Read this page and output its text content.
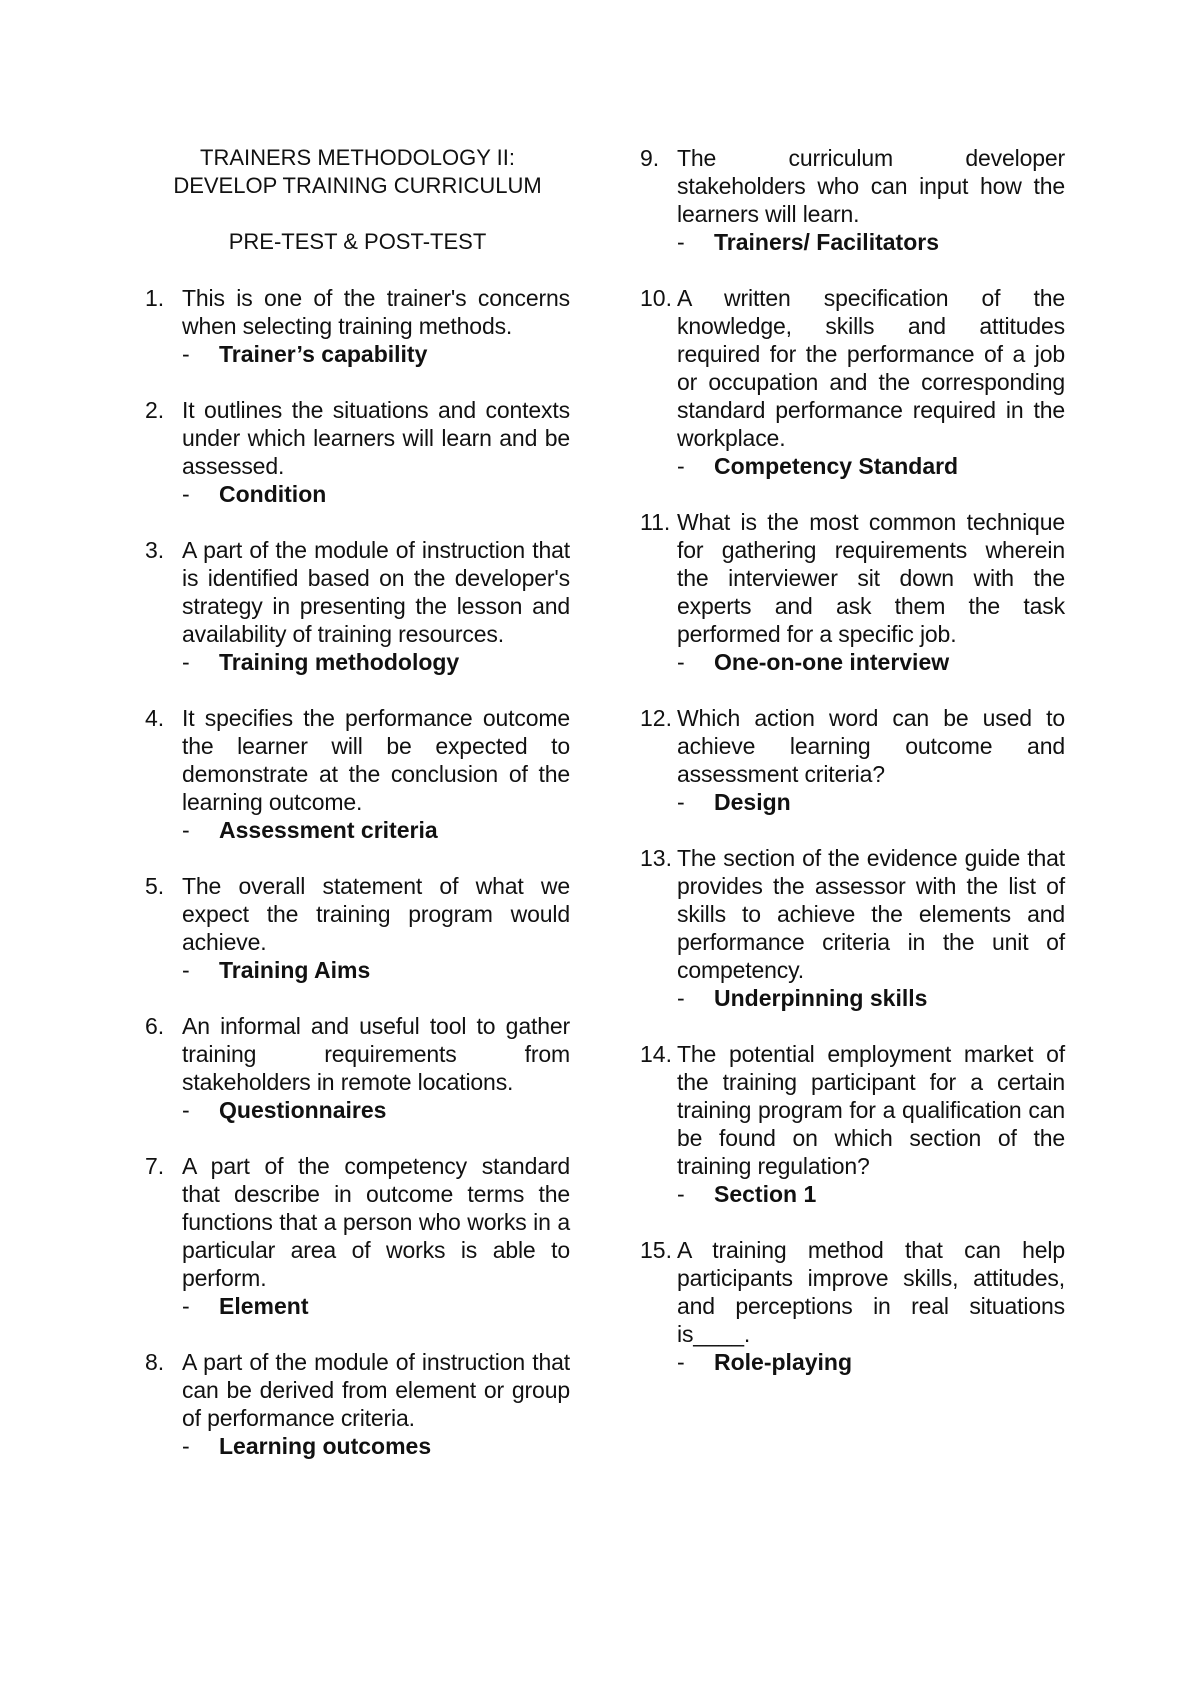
TRAINERS METHODOLOGY II:

DEVELOP TRAINING CURRICULUM

PRE-TEST & POST-TEST

1. This is one of the trainer's concerns when selecting training methods.
- Trainer’s capability
2. It outlines the situations and contexts under which learners will learn and be assessed.
- Condition
3. A part of the module of instruction that is identified based on the developer's strategy in presenting the lesson and availability of training resources.
- Training methodology
4. It specifies the performance outcome the learner will be expected to demonstrate at the conclusion of the learning outcome.
- Assessment criteria
5. The overall statement of what we expect the training program would achieve.
- Training Aims
6. An informal and useful tool to gather training requirements from stakeholders in remote locations.
- Questionnaires
7. A part of the competency standard that describe in outcome terms the functions that a person who works in a particular area of works is able to perform.
- Element
8. A part of the module of instruction that can be derived from element or group of performance criteria.
- Learning outcomes
9. The curriculum developer stakeholders who can input how the learners will learn.
- Trainers/ Facilitators
10. A written specification of the knowledge, skills and attitudes required for the performance of a job or occupation and the corresponding standard performance required in the workplace.
- Competency Standard
11. What is the most common technique for gathering requirements wherein the interviewer sit down with the experts and ask them the task performed for a specific job.
- One-on-one interview
12. Which action word can be used to achieve learning outcome and assessment criteria?
- Design
13. The section of the evidence guide that provides the assessor with the list of skills to achieve the elements and performance criteria in the unit of competency.
- Underpinning skills
14. The potential employment market of the training participant for a certain training program for a qualification can be found on which section of the training regulation?
- Section 1
15. A training method that can help participants improve skills, attitudes, and perceptions in real situations is____.
- Role-playing
